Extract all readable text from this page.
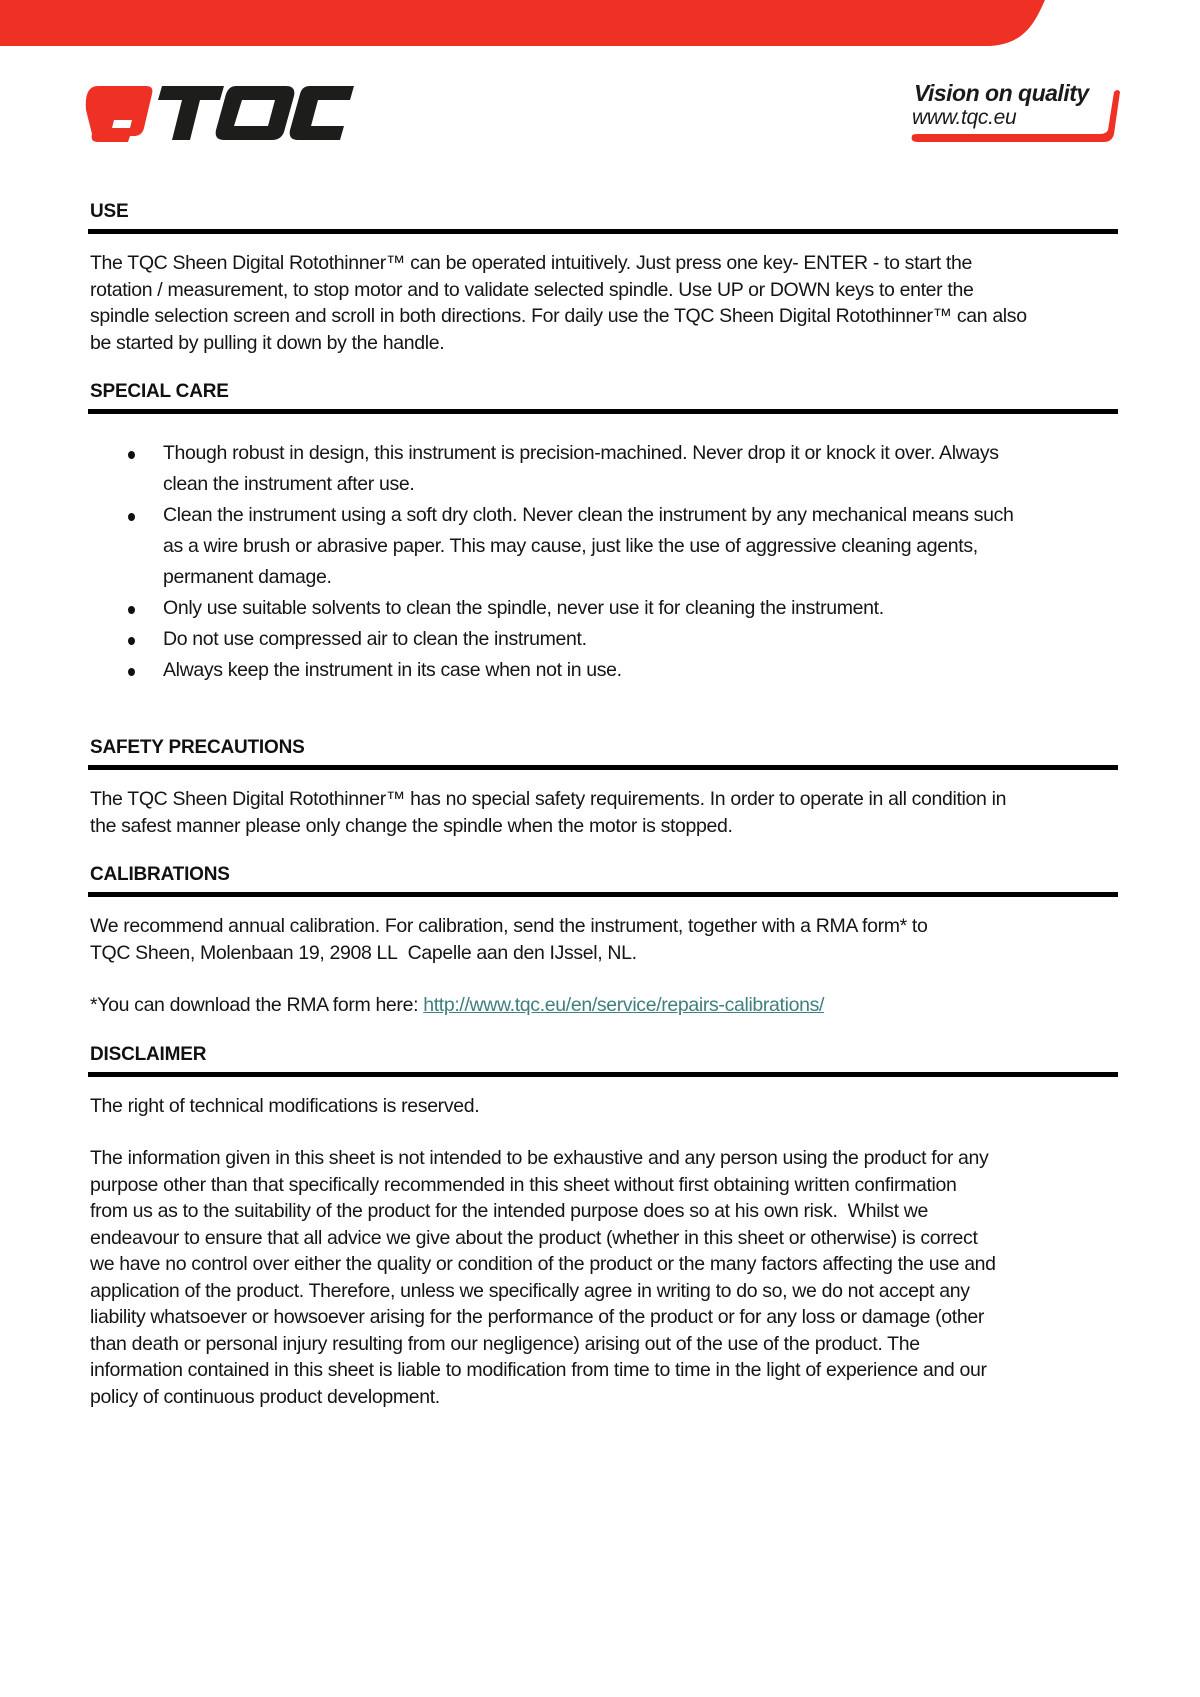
Vision on quality
www.tqc.eu
USE

The TQC Sheen Digital Rotothinner™ can be operated intuitively. Just press one key- ENTER - to start the
rotation / measurement, to stop motor and to validate selected spindle. Use UP or DOWN keys to enter the
spindle selection screen and scroll in both directions. For daily use the TQC Sheen Digital Rotothinner™ can also
be started by pulling it down by the handle.

SPECIAL CARE
Though robust in design, this instrument is precision-machined. Never drop it or knock it over. Always
clean the instrument after use.
Clean the instrument using a soft dry cloth. Never clean the instrument by any mechanical means such
as a wire brush or abrasive paper. This may cause, just like the use of aggressive cleaning agents,
permanent damage.
Only use suitable solvents to clean the spindle, never use it for cleaning the instrument.
Do not use compressed air to clean the instrument.
Always keep the instrument in its case when not in use.
SAFETY PRECAUTIONS

The TQC Sheen Digital Rotothinner™ has no special safety requirements. In order to operate in all condition in
the safest manner please only change the spindle when the motor is stopped.

CALIBRATIONS

We recommend annual calibration. For calibration, send the instrument, together with a RMA form* to
TQC Sheen, Molenbaan 19, 2908 LL  Capelle aan den IJssel, NL.

*You can download the RMA form here: http://www.tqc.eu/en/service/repairs-calibrations/

DISCLAIMER

The right of technical modifications is reserved.

The information given in this sheet is not intended to be exhaustive and any person using the product for any
purpose other than that specifically recommended in this sheet without first obtaining written confirmation
from us as to the suitability of the product for the intended purpose does so at his own risk.  Whilst we
endeavour to ensure that all advice we give about the product (whether in this sheet or otherwise) is correct
we have no control over either the quality or condition of the product or the many factors affecting the use and
application of the product. Therefore, unless we specifically agree in writing to do so, we do not accept any
liability whatsoever or howsoever arising for the performance of the product or for any loss or damage (other
than death or personal injury resulting from our negligence) arising out of the use of the product. The
information contained in this sheet is liable to modification from time to time in the light of experience and our
policy of continuous product development.
